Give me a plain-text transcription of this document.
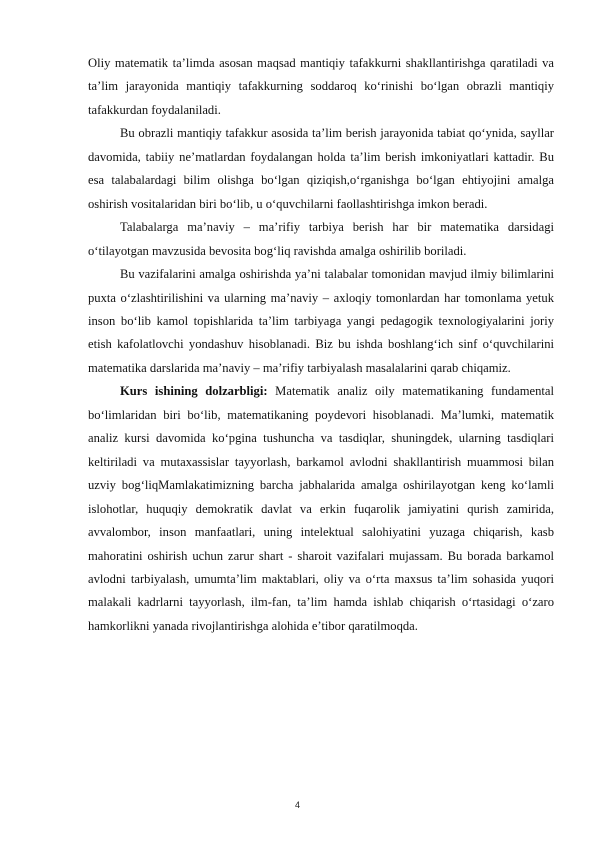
Oliy matematik ta’limda asosan maqsad mantiqiy tafakkurni shakllantirishga qaratiladi va ta’lim jarayonida mantiqiy tafakkurning soddaroq ko‘rinishi bo‘lgan obrazli mantiqiy tafakkurdan foydalaniladi.

Bu obrazli mantiqiy tafakkur asosida ta’lim berish jarayonida tabiat qo‘ynida, sayllar davomida, tabiiy ne’matlardan foydalangan holda ta’lim berish imkoniyatlari kattadir. Bu esa talabalardagi bilim olishga bo‘lgan qiziqish,o‘rganishga bo‘lgan ehtiyojini amalga oshirish vositalaridan biri bo‘lib, u o‘quvchilarni faollashtirishga imkon beradi.

Talabalarga ma’naviy – ma’rifiy tarbiya berish har bir matematika darsidagi o‘tilayotgan mavzusida bevosita bog‘liq ravishda amalga oshirilib boriladi.

Bu vazifalarini amalga oshirishda ya’ni talabalar tomonidan mavjud ilmiy bilimlarini puxta o‘zlashtirilishini va ularning ma’naviy – axloqiy tomonlardan har tomonlama yetuk inson bo‘lib kamol topishlarida ta’lim tarbiyaga yangi pedagogik texnologiyalarini joriy etish kafolatlovchi yondashuv hisoblanadi. Biz bu ishda boshlang‘ich sinf o‘quvchilarini matematika darslarida ma’naviy – ma’rifiy tarbiyalash masalalarini qarab chiqamiz.

Kurs ishining dolzarbligi: Matematik analiz oily matematikaning fundamental bo‘limlaridan biri bo‘lib, matematikaning poydevori hisoblanadi. Ma’lumki, matematik analiz kursi davomida ko‘pgina tushuncha va tasdiqlar, shuningdek, ularning tasdiqlari keltiriladi va mutaxassislar tayyorlash, barkamol avlodni shakllantirish muammosi bilan uzviy bog‘liqMamlakatimizning barcha jabhalarida amalga oshirilayotgan keng ko‘lamli islohotlar, huquqiy demokratik davlat va erkin fuqarolik jamiyatini qurish zamirida, avvalombor, inson manfaatlari, uning intelektual salohiyatini yuzaga chiqarish, kasb mahoratini oshirish uchun zarur shart - sharoit vazifalari mujassam. Bu borada barkamol avlodni tarbiyalash, umumta’lim maktablari, oliy va o‘rta maxsus ta’lim sohasida yuqori malakali kadrlarni tayyorlash, ilm-fan, ta’lim hamda ishlab chiqarish o‘rtasidagi o‘zaro hamkorlikni yanada rivojlantirishga alohida e’tibor qaratilmoqda.

4
